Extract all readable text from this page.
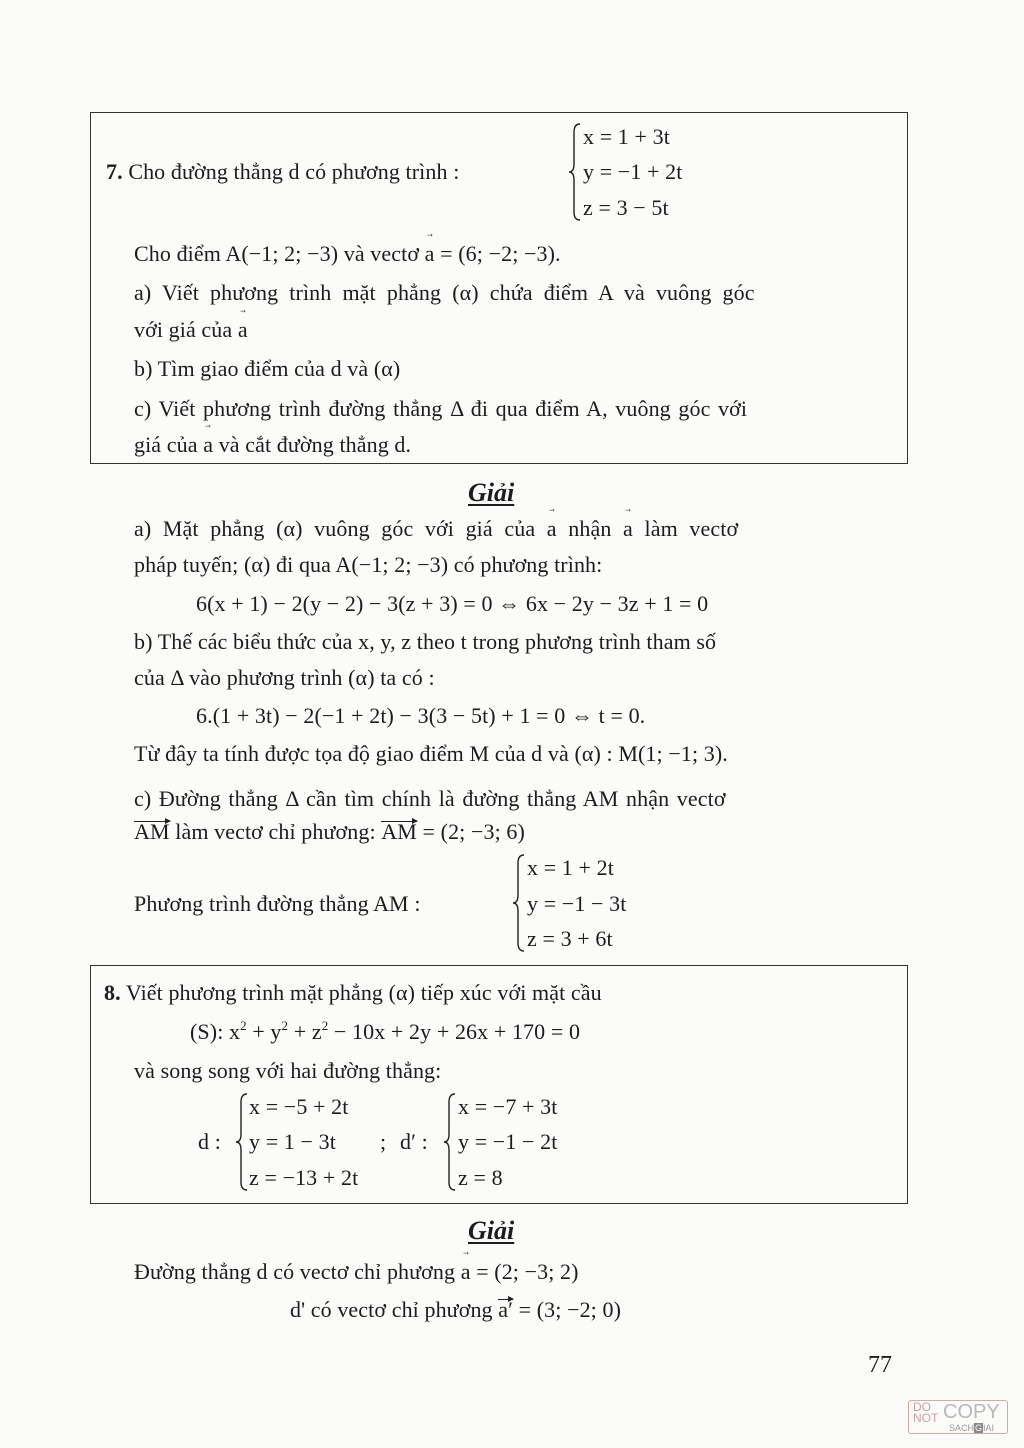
7. Cho đường thẳng d có phương trình :
x = 1 + 3t
y = −1 + 2t
z = 3 − 5t
Cho điểm A(−1; 2; −3) và vectơ → a = (6; −2; −3).
a) Viết phương trình mặt phẳng (α) chứa điểm A và vuông góc
với giá của → a
b) Tìm giao điểm của d và (α)
c) Viết phương trình đường thẳng Δ đi qua điểm A, vuông góc với
giá của → a và cắt đường thẳng d.
Giải
a) Mặt phẳng (α) vuông góc với giá của → a nhận → a làm vectơ
pháp tuyến; (α) đi qua A(−1; 2; −3) có phương trình:
6(x + 1) − 2(y − 2) − 3(z + 3) = 0 ⇔ 6x − 2y − 3z + 1 = 0
b) Thế các biểu thức của x, y, z theo t trong phương trình tham số
của Δ vào phương trình (α) ta có :
6.(1 + 3t) − 2(−1 + 2t) − 3(3 − 5t) + 1 = 0 ⇔ t = 0.
Từ đây ta tính được tọa độ giao điểm M của d và (α) : M(1; −1; 3).
c) Đường thẳng Δ cần tìm chính là đường thẳng AM nhận vectơ
AM làm vectơ chỉ phương: AM = (2; −3; 6)
Phương trình đường thẳng AM :
x = 1 + 2t
y = −1 − 3t
z = 3 + 6t
8. Viết phương trình mặt phẳng (α) tiếp xúc với mặt cầu
(S): $x^2 + y^2 + z^2 - 10x + 2y + 26x + 170 = 0$
và song song với hai đường thẳng:
d :
x = −5 + 2t
y = 1 − 3t
z = −13 + 2t
; d′ :
x = −7 + 3t
y = −1 − 2t
z = 8
Giải
Đường thẳng d có vectơ chỉ phương → a = (2; −3; 2)
d' có vectơ chỉ phương a′ = (3; −2; 0)
77
DO
NOT COPY
SACHGIAI
